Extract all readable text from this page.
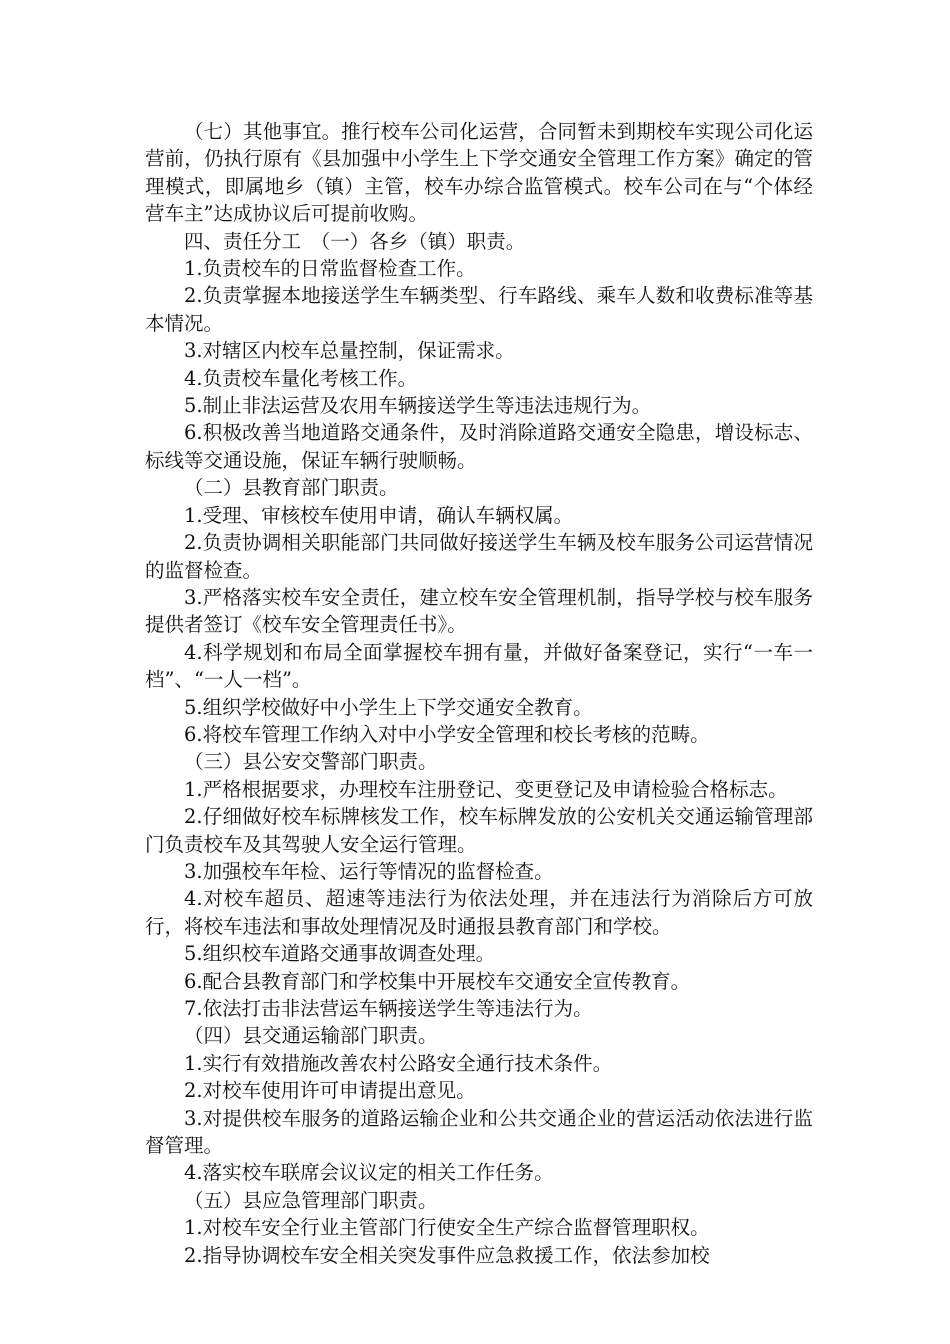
（七）其他事宜。推行校车公司化运营，合同暂未到期校车实现公司化运营前，仍执行原有《县加强中小学生上下学交通安全管理工作方案》确定的管理模式，即属地乡（镇）主管，校车办综合监管模式。校车公司在与“个体经营车主”达成协议后可提前收购。

四、责任分工　（一）各乡（镇）职责。

1.负责校车的日常监督检查工作。

2.负责掌握本地接送学生车辆类型、行车路线、乘车人数和收费标准等基本情况。

3.对辖区内校车总量控制，保证需求。

4.负责校车量化考核工作。

5.制止非法运营及农用车辆接送学生等违法违规行为。

6.积极改善当地道路交通条件，及时消除道路交通安全隐患，增设标志、标线等交通设施，保证车辆行驶顺畅。

（二）县教育部门职责。

1.受理、审核校车使用申请，确认车辆权属。

2.负责协调相关职能部门共同做好接送学生车辆及校车服务公司运营情况的监督检查。

3.严格落实校车安全责任，建立校车安全管理机制，指导学校与校车服务提供者签订《校车安全管理责任书》。

4.科学规划和布局全面掌握校车拥有量，并做好备案登记，实行“一车一档”、“一人一档”。

5.组织学校做好中小学生上下学交通安全教育。

6.将校车管理工作纳入对中小学安全管理和校长考核的范畴。

（三）县公安交警部门职责。

1.严格根据要求，办理校车注册登记、变更登记及申请检验合格标志。

2.仔细做好校车标牌核发工作，校车标牌发放的公安机关交通运输管理部门负责校车及其驾驶人安全运行管理。

3.加强校车年检、运行等情况的监督检查。

4.对校车超员、超速等违法行为依法处理，并在违法行为消除后方可放行，将校车违法和事故处理情况及时通报县教育部门和学校。

5.组织校车道路交通事故调查处理。

6.配合县教育部门和学校集中开展校车交通安全宣传教育。

7.依法打击非法营运车辆接送学生等违法行为。

（四）县交通运输部门职责。

1.实行有效措施改善农村公路安全通行技术条件。

2.对校车使用许可申请提出意见。

3.对提供校车服务的道路运输企业和公共交通企业的营运活动依法进行监督管理。

4.落实校车联席会议议定的相关工作任务。

（五）县应急管理部门职责。

1.对校车安全行业主管部门行使安全生产综合监督管理职权。

2.指导协调校车安全相关突发事件应急救援工作，依法参加校
